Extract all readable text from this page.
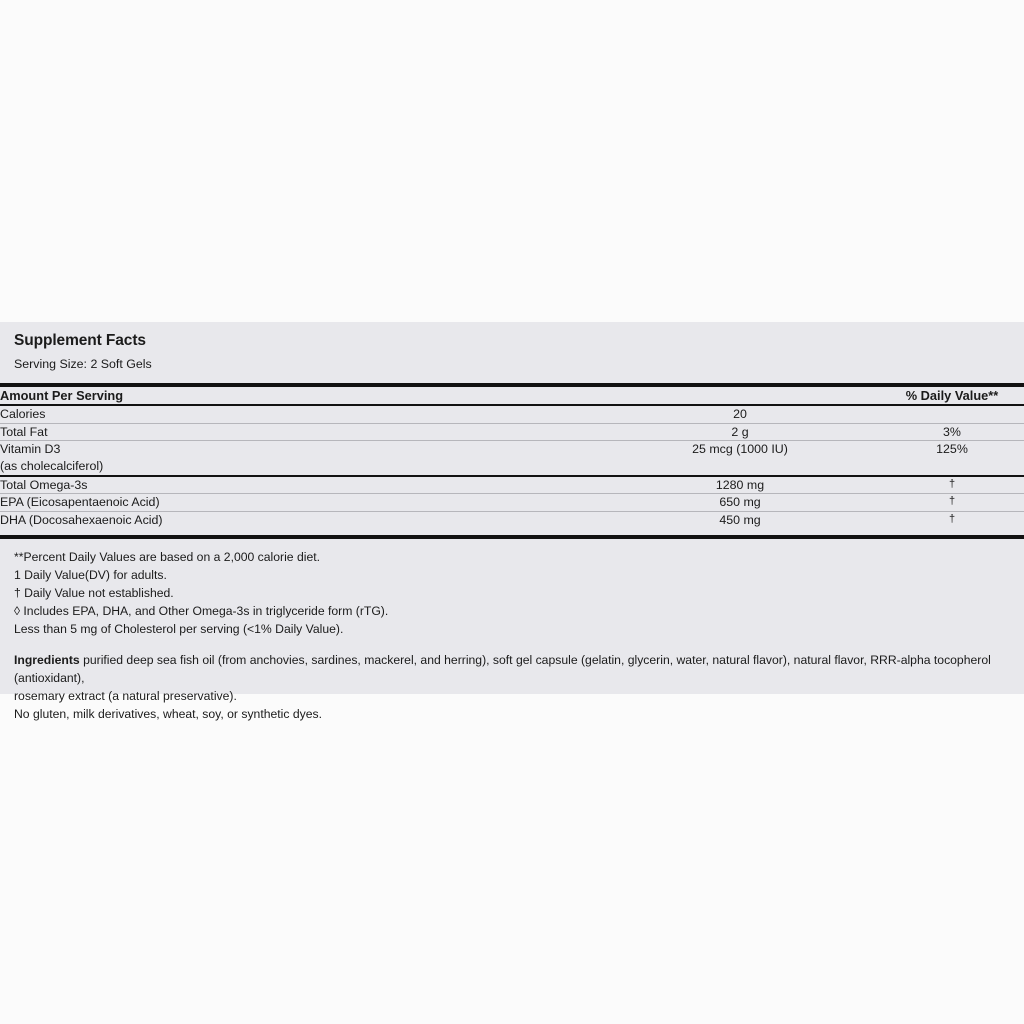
Supplement Facts
Serving Size: 2 Soft Gels
Amount Per Serving		% Daily Value**
Calories	20	
Total Fat	2 g	3%
Vitamin D3
(as cholecalciferol)
	25 mcg (1000 IU)	125%
Total Omega-3s	1280 mg	†
EPA (Eicosapentaenoic Acid)	650 mg	†
DHA (Docosahexaenoic Acid)	450 mg	†
**Percent Daily Values are based on a 2,000 calorie diet.
1 Daily Value(DV) for adults.
† Daily Value not established.
◊ Includes EPA, DHA, and Other Omega-3s in triglyceride form (rTG).
Less than 5 mg of Cholesterol per serving (<1% Daily Value).
Ingredients purified deep sea fish oil (from anchovies, sardines, mackerel, and herring), soft gel capsule (gelatin, glycerin, water, natural flavor), natural flavor, RRR-alpha tocopherol (antioxidant),
rosemary extract (a natural preservative).
No gluten, milk derivatives, wheat, soy, or synthetic dyes.
